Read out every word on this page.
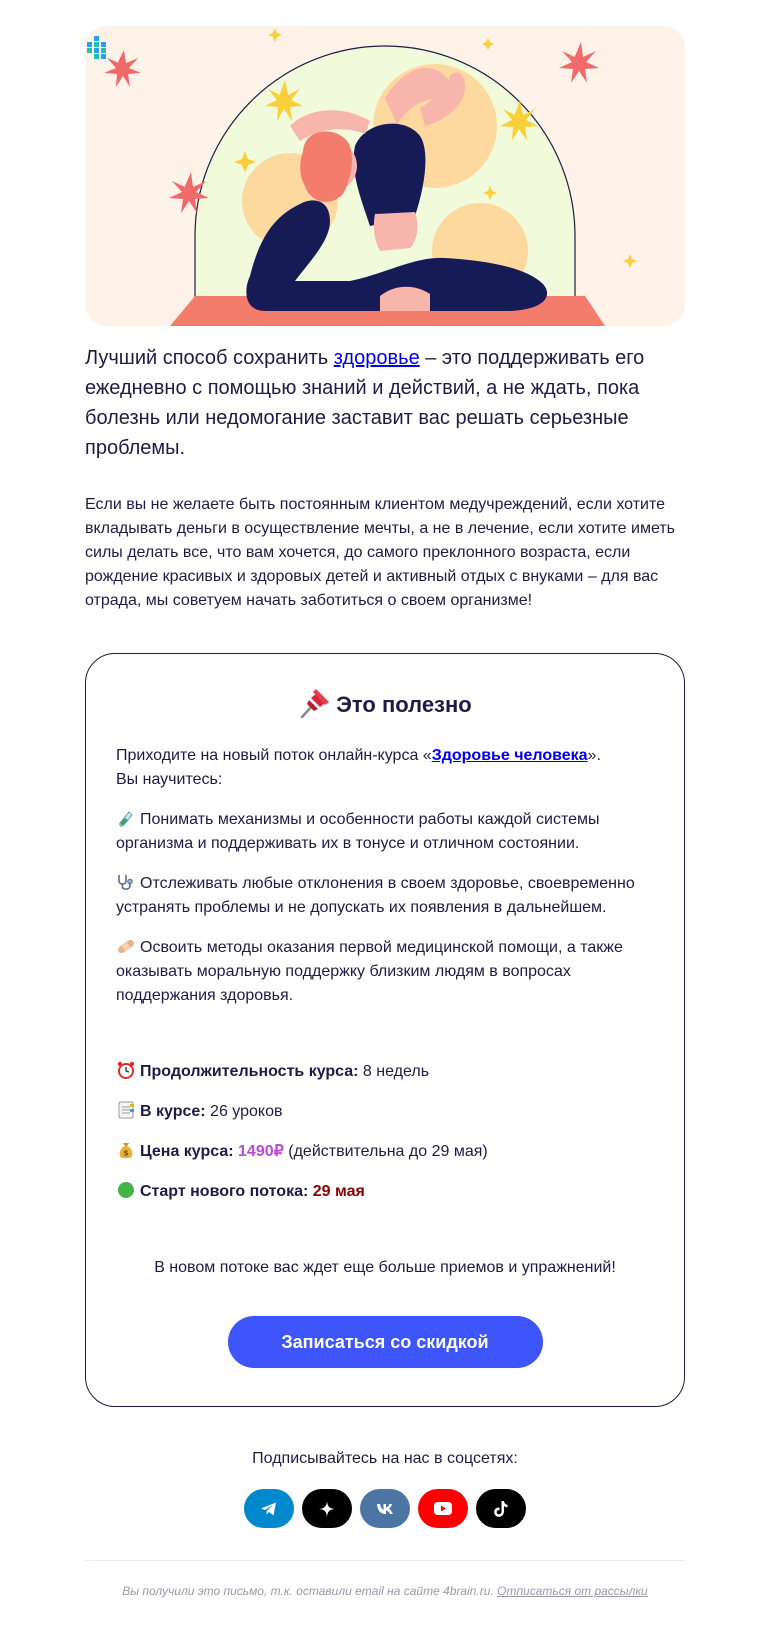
Лучший способ сохранить здоровье – это поддерживать его ежедневно с помощью знаний и действий, а не ждать, пока болезнь или недомогание заставит вас решать серьезные проблемы.

Если вы не желаете быть постоянным клиентом медучреждений, если хотите вкладывать деньги в осуществление мечты, а не в лечение, если хотите иметь силы делать все, что вам хочется, до самого преклонного возраста, если рождение красивых и здоровых детей и активный отдых с внуками – для вас отрада, мы советуем начать заботиться о своем организме!

Это полезно

Приходите на новый поток онлайн-курса «Здоровье человека».
Вы научитесь:

Понимать механизмы и особенности работы каждой системы организма и поддерживать их в тонусе и отличном состоянии.

Отслеживать любые отклонения в своем здоровье, своевременно устранять проблемы и не допускать их появления в дальнейшем.

Освоить методы оказания первой медицинской помощи, а также оказывать моральную поддержку близким людям в вопросах поддержания здоровья.

Продолжительность курса: 8 недель

В курсе: 26 уроков

$ Цена курса: 1490₽ (действительна до 29 мая)

Старт нового потока: 29 мая

В новом потоке вас ждет еще больше приемов и упражнений!

Записаться со скидкой

Подписывайтесь на нас в соцсетях:

Вы получили это письмо, т.к. оставили email на сайте 4brain.ru. Отписаться от рассылки
